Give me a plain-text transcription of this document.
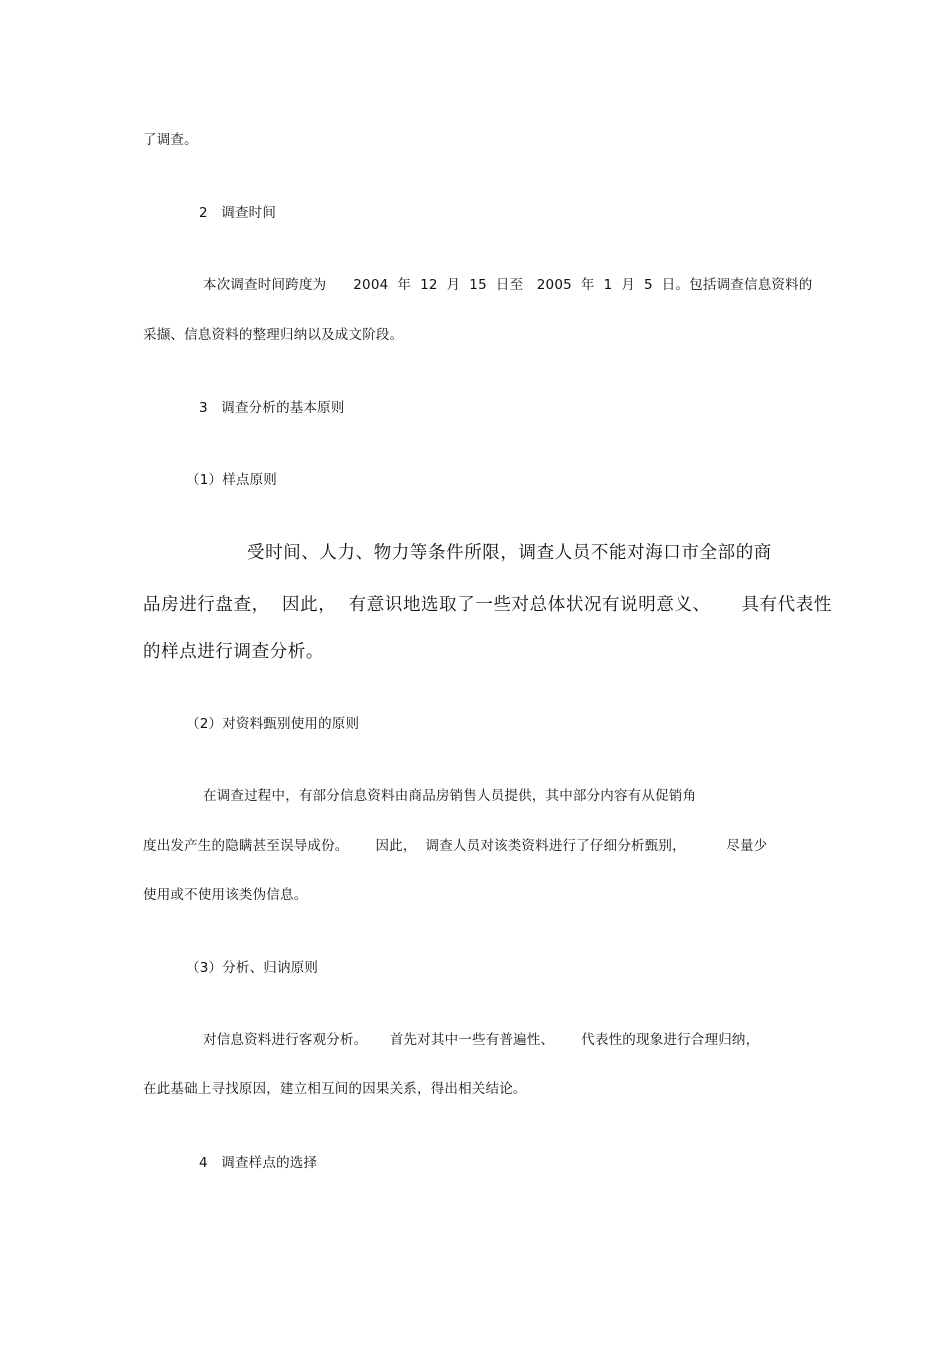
了调查。
2   调查时间
本次调查时间跨度为      2004  年  12  月  15  日至   2005  年  1  月  5  日。包括调查信息资料的
采撷、信息资料的整理归纳以及成文阶段。
3   调查分析的基本原则
（1）样点原则
受时间、人力、物力等条件所限，调查人员不能对海口市全部的商
品房进行盘查，  因此，  有意识地选取了一些对总体状况有说明意义、     具有代表性
的样点进行调查分析。
（2）对资料甄别使用的原则
在调查过程中，有部分信息资料由商品房销售人员提供，其中部分内容有从促销角
度出发产生的隐瞒甚至误导成份。      因此，  调查人员对该类资料进行了仔细分析甄别，         尽量少
使用或不使用该类伪信息。
（3）分析、归讷原则
对信息资料进行客观分析。     首先对其中一些有普遍性、      代表性的现象进行合理归纳，
在此基础上寻找原因，建立相互间的因果关系，得出相关结论。
4   调查样点的选择
